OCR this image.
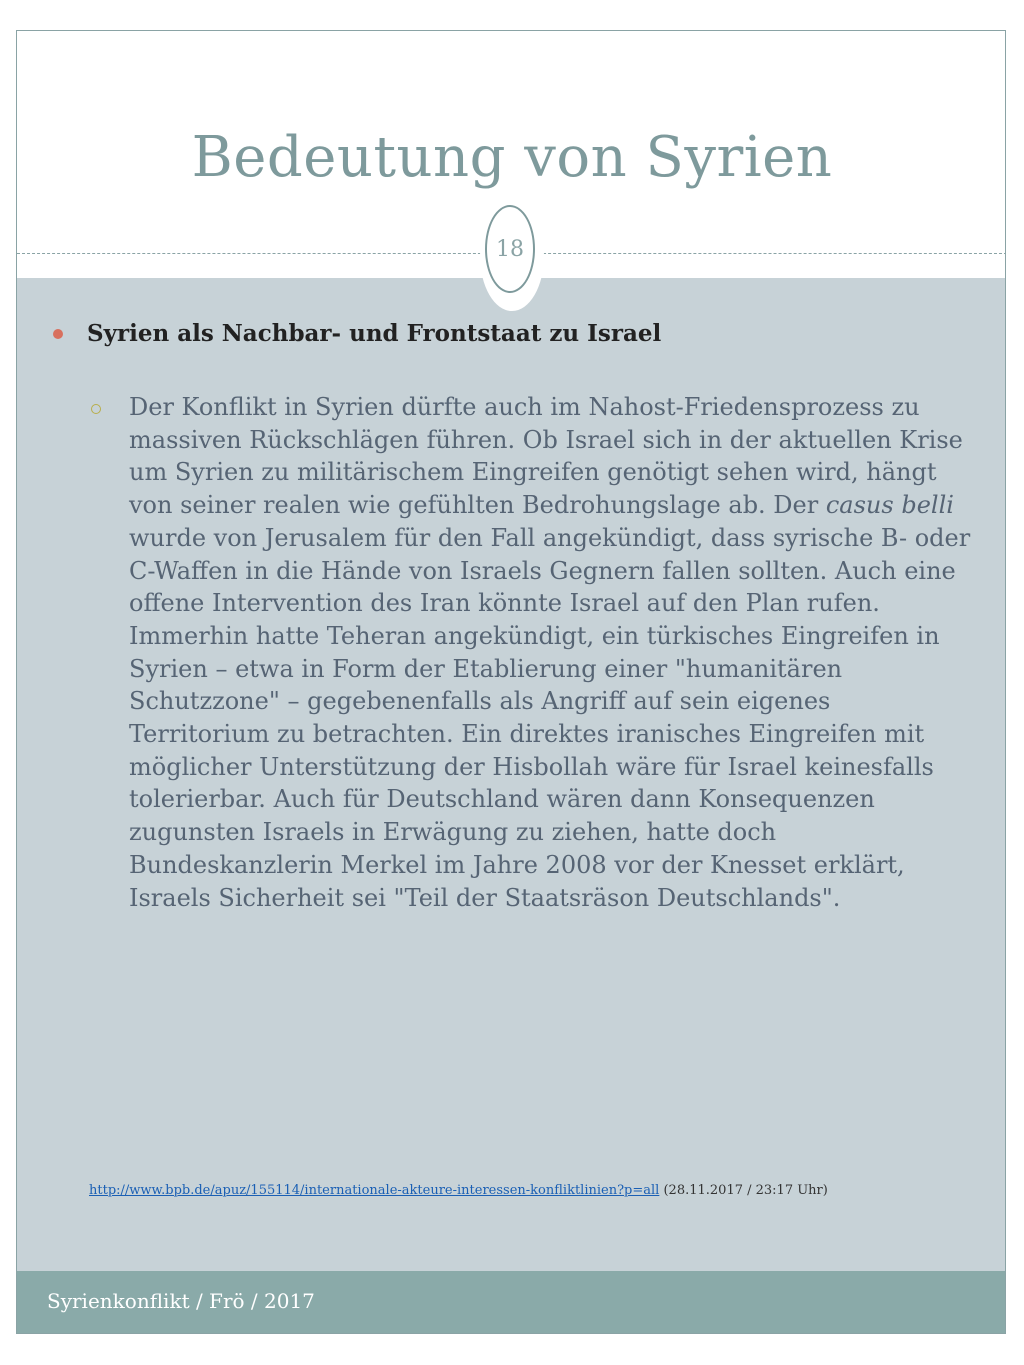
Bedeutung von Syrien
18
Syrien als Nachbar- und Frontstaat zu Israel
Der Konflikt in Syrien dürfte auch im Nahost-Friedensprozess zu massiven Rückschlägen führen. Ob Israel sich in der aktuellen Krise um Syrien zu militärischem Eingreifen genötigt sehen wird, hängt von seiner realen wie gefühlten Bedrohungslage ab. Der casus belli wurde von Jerusalem für den Fall angekündigt, dass syrische B- oder C-Waffen in die Hände von Israels Gegnern fallen sollten. Auch eine offene Intervention des Iran könnte Israel auf den Plan rufen. Immerhin hatte Teheran angekündigt, ein türkisches Eingreifen in Syrien – etwa in Form der Etablierung einer "humanitären Schutzzone" – gegebenenfalls als Angriff auf sein eigenes Territorium zu betrachten. Ein direktes iranisches Eingreifen mit möglicher Unterstützung der Hisbollah wäre für Israel keinesfalls tolerierbar. Auch für Deutschland wären dann Konsequenzen zugunsten Israels in Erwägung zu ziehen, hatte doch Bundeskanzlerin Merkel im Jahre 2008 vor der Knesset erklärt, Israels Sicherheit sei "Teil der Staatsräson Deutschlands".
http://www.bpb.de/apuz/155114/internationale-akteure-interessen-konfliktlinien?p=all (28.11.2017 / 23:17 Uhr)
Syrienkonflikt / Frö / 2017
